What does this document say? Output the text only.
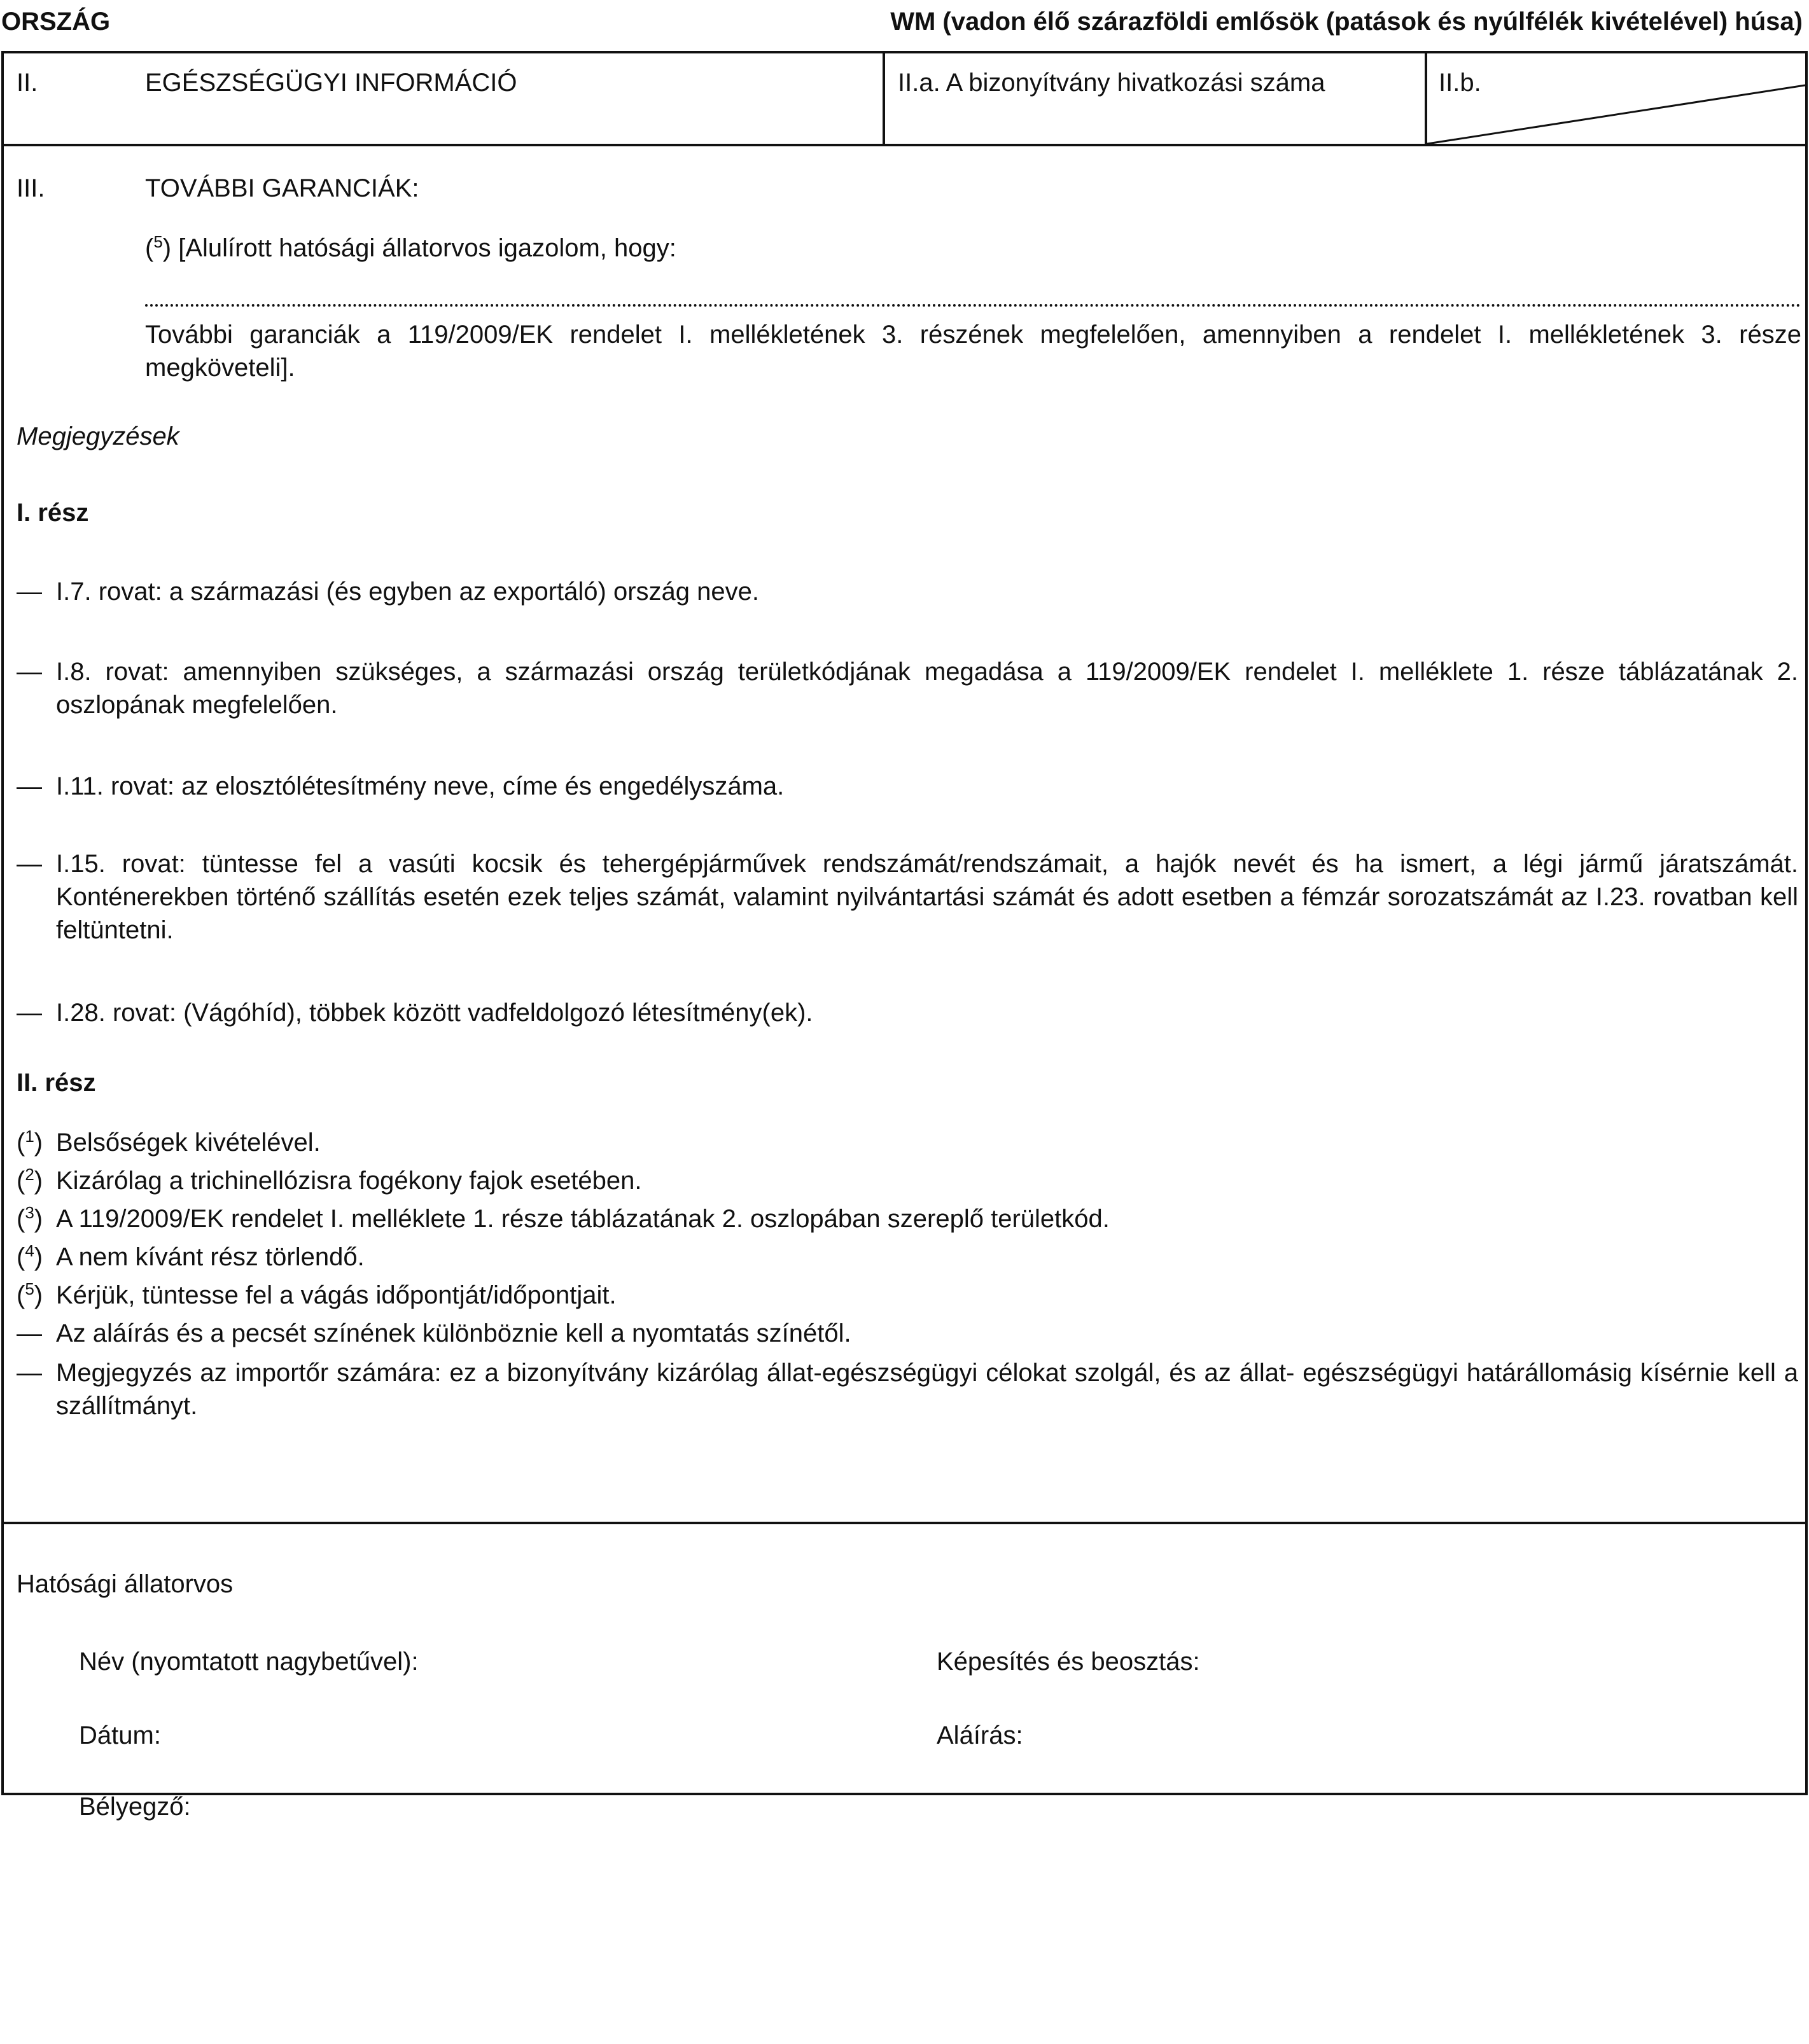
ORSZÁG	WM (vadon élő szárazföldi emlősök (patások és nyúlfélék kivételével) húsa)
II.	EGÉSZSÉGÜGYI INFORMÁCIÓ	II.a. A bizonyítvány hivatkozási száma	II.b.
III.	TOVÁBBI GARANCIÁK:
($^5$) [Alulírott hatósági állatorvos igazolom, hogy:
További garanciák a 119/2009/EK rendelet I. mellékletének 3. részének megfelelően, amennyiben a rendelet I. mellékletének 3. része megköveteli].
Megjegyzések
I. rész
— I.7. rovat: a származási (és egyben az exportáló) ország neve.
— I.8. rovat: amennyiben szükséges, a származási ország területkódjának megadása a 119/2009/EK rendelet I. melléklete 1. része táblázatának 2. oszlopának megfelelően.
— I.11. rovat: az elosztólétesítmény neve, címe és engedélyszáma.
— I.15. rovat: tüntesse fel a vasúti kocsik és tehergépjárművek rendszámát/rendszámait, a hajók nevét és ha ismert, a légi jármű járatszámát. Konténerekben történő szállítás esetén ezek teljes számát, valamint nyilvántartási számát és adott esetben a fémzár sorozatszámát az I.23. rovatban kell feltüntetni.
— I.28. rovat: (Vágóhíd), többek között vadfeldolgozó létesítmény(ek).
II. rész
($^1$) Belsőségek kivételével.
($^2$) Kizárólag a trichinellózisra fogékony fajok esetében.
($^3$) A 119/2009/EK rendelet I. melléklete 1. része táblázatának 2. oszlopában szereplő területkód.
($^4$) A nem kívánt rész törlendő.
($^5$) Kérjük, tüntesse fel a vágás időpontját/időpontjait.
— Az aláírás és a pecsét színének különböznie kell a nyomtatás színétől.
— Megjegyzés az importőr számára: ez a bizonyítvány kizárólag állat-egészségügyi célokat szolgál, és az állat- egészségügyi határállomásig kísérnie kell a szállítmányt.
Hatósági állatorvos
Név (nyomtatott nagybetűvel):	Képesítés és beosztás:
Dátum:	Aláírás:
Bélyegző:
